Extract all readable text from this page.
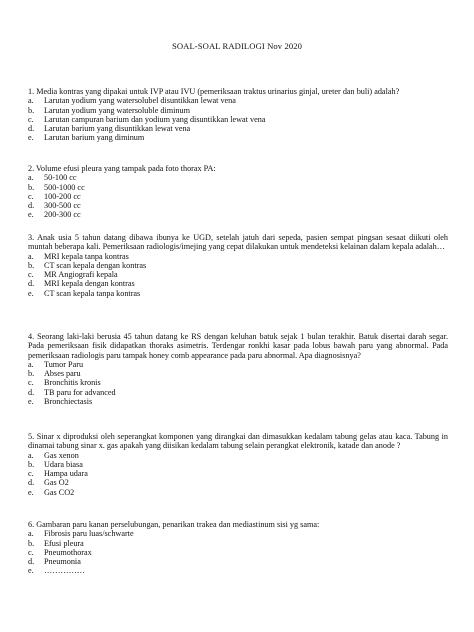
SOAL-SOAL RADILOGI Nov 2020
1. Media kontras yang dipakai untuk IVP atau IVU (pemeriksaan traktus urinarius ginjal, ureter dan buli) adalah?
a.	Larutan yodium yang watersolubel disuntikkan lewat vena
b.	Larutan yodium yang watersoluble diminum
c.	Larutan campuran barium dan yodium yang disuntikkan lewat vena
d.	Larutan barium yang disuntikkan lewat vena
e.	Larutan barium yang diminum
2. Volume efusi pleura yang tampak pada foto thorax PA:
a.	50-100 cc
b.	500-1000 cc
c.	100-200 cc
d.	300-500 cc
e.	200-300 cc
3. Anak usia 5 tahun datang dibawa ibunya ke UGD, setelah jatuh dari sepeda, pasien sempat pingsan sesaat diikuti oleh muntah beberapa kali. Pemeriksaan radiologis/imejing yang cepat dilakukan untuk mendeteksi kelainan dalam kepala adalah…
a.	MRI kepala tanpa kontras
b.	CT scan kepala dengan kontras
c.	MR Angiografi kepala
d.	MRI kepala dengan kontras
e.	CT scan kepala tanpa kontras
4. Seorang laki-laki berusia 45 tahun datang ke RS dengan keluhan batuk sejak 1 bulan terakhir. Batuk disertai darah segar. Pada pemeriksaan fisik didapatkan thoraks asimetris. Terdengar ronkhi kasar pada lobus bawah paru yang abnormal. Pada pemeriksaan radiologis paru tampak honey comb appearance pada paru abnormal. Apa diagnosisnya?
a.	Tumor Paru
b.	Abses paru
c.	Bronchitis kronis
d.	TB paru for advanced
e.	Bronchiectasis
5. Sinar x diproduksi oleh seperangkat komponen yang dirangkai dan dimasukkan kedalam tabung gelas atau kaca. Tabung in dinamai tabung sinar x. gas apakah yang diisikan kedalam tabung selain perangkat elektronik, katade dan anode ?
a.	Gas xenon
b.	Udara biasa
c.	Hampa udara
d.	Gas O2
e.	Gas CO2
6. Gambaran paru kanan perselubungan, penarikan trakea dan mediastinum sisi yg sama:
a.	Fibrosis paru luas/schwarte
b.	Efusi pleura
c.	Pneumothorax
d.	Pneumonia
e.	……………
